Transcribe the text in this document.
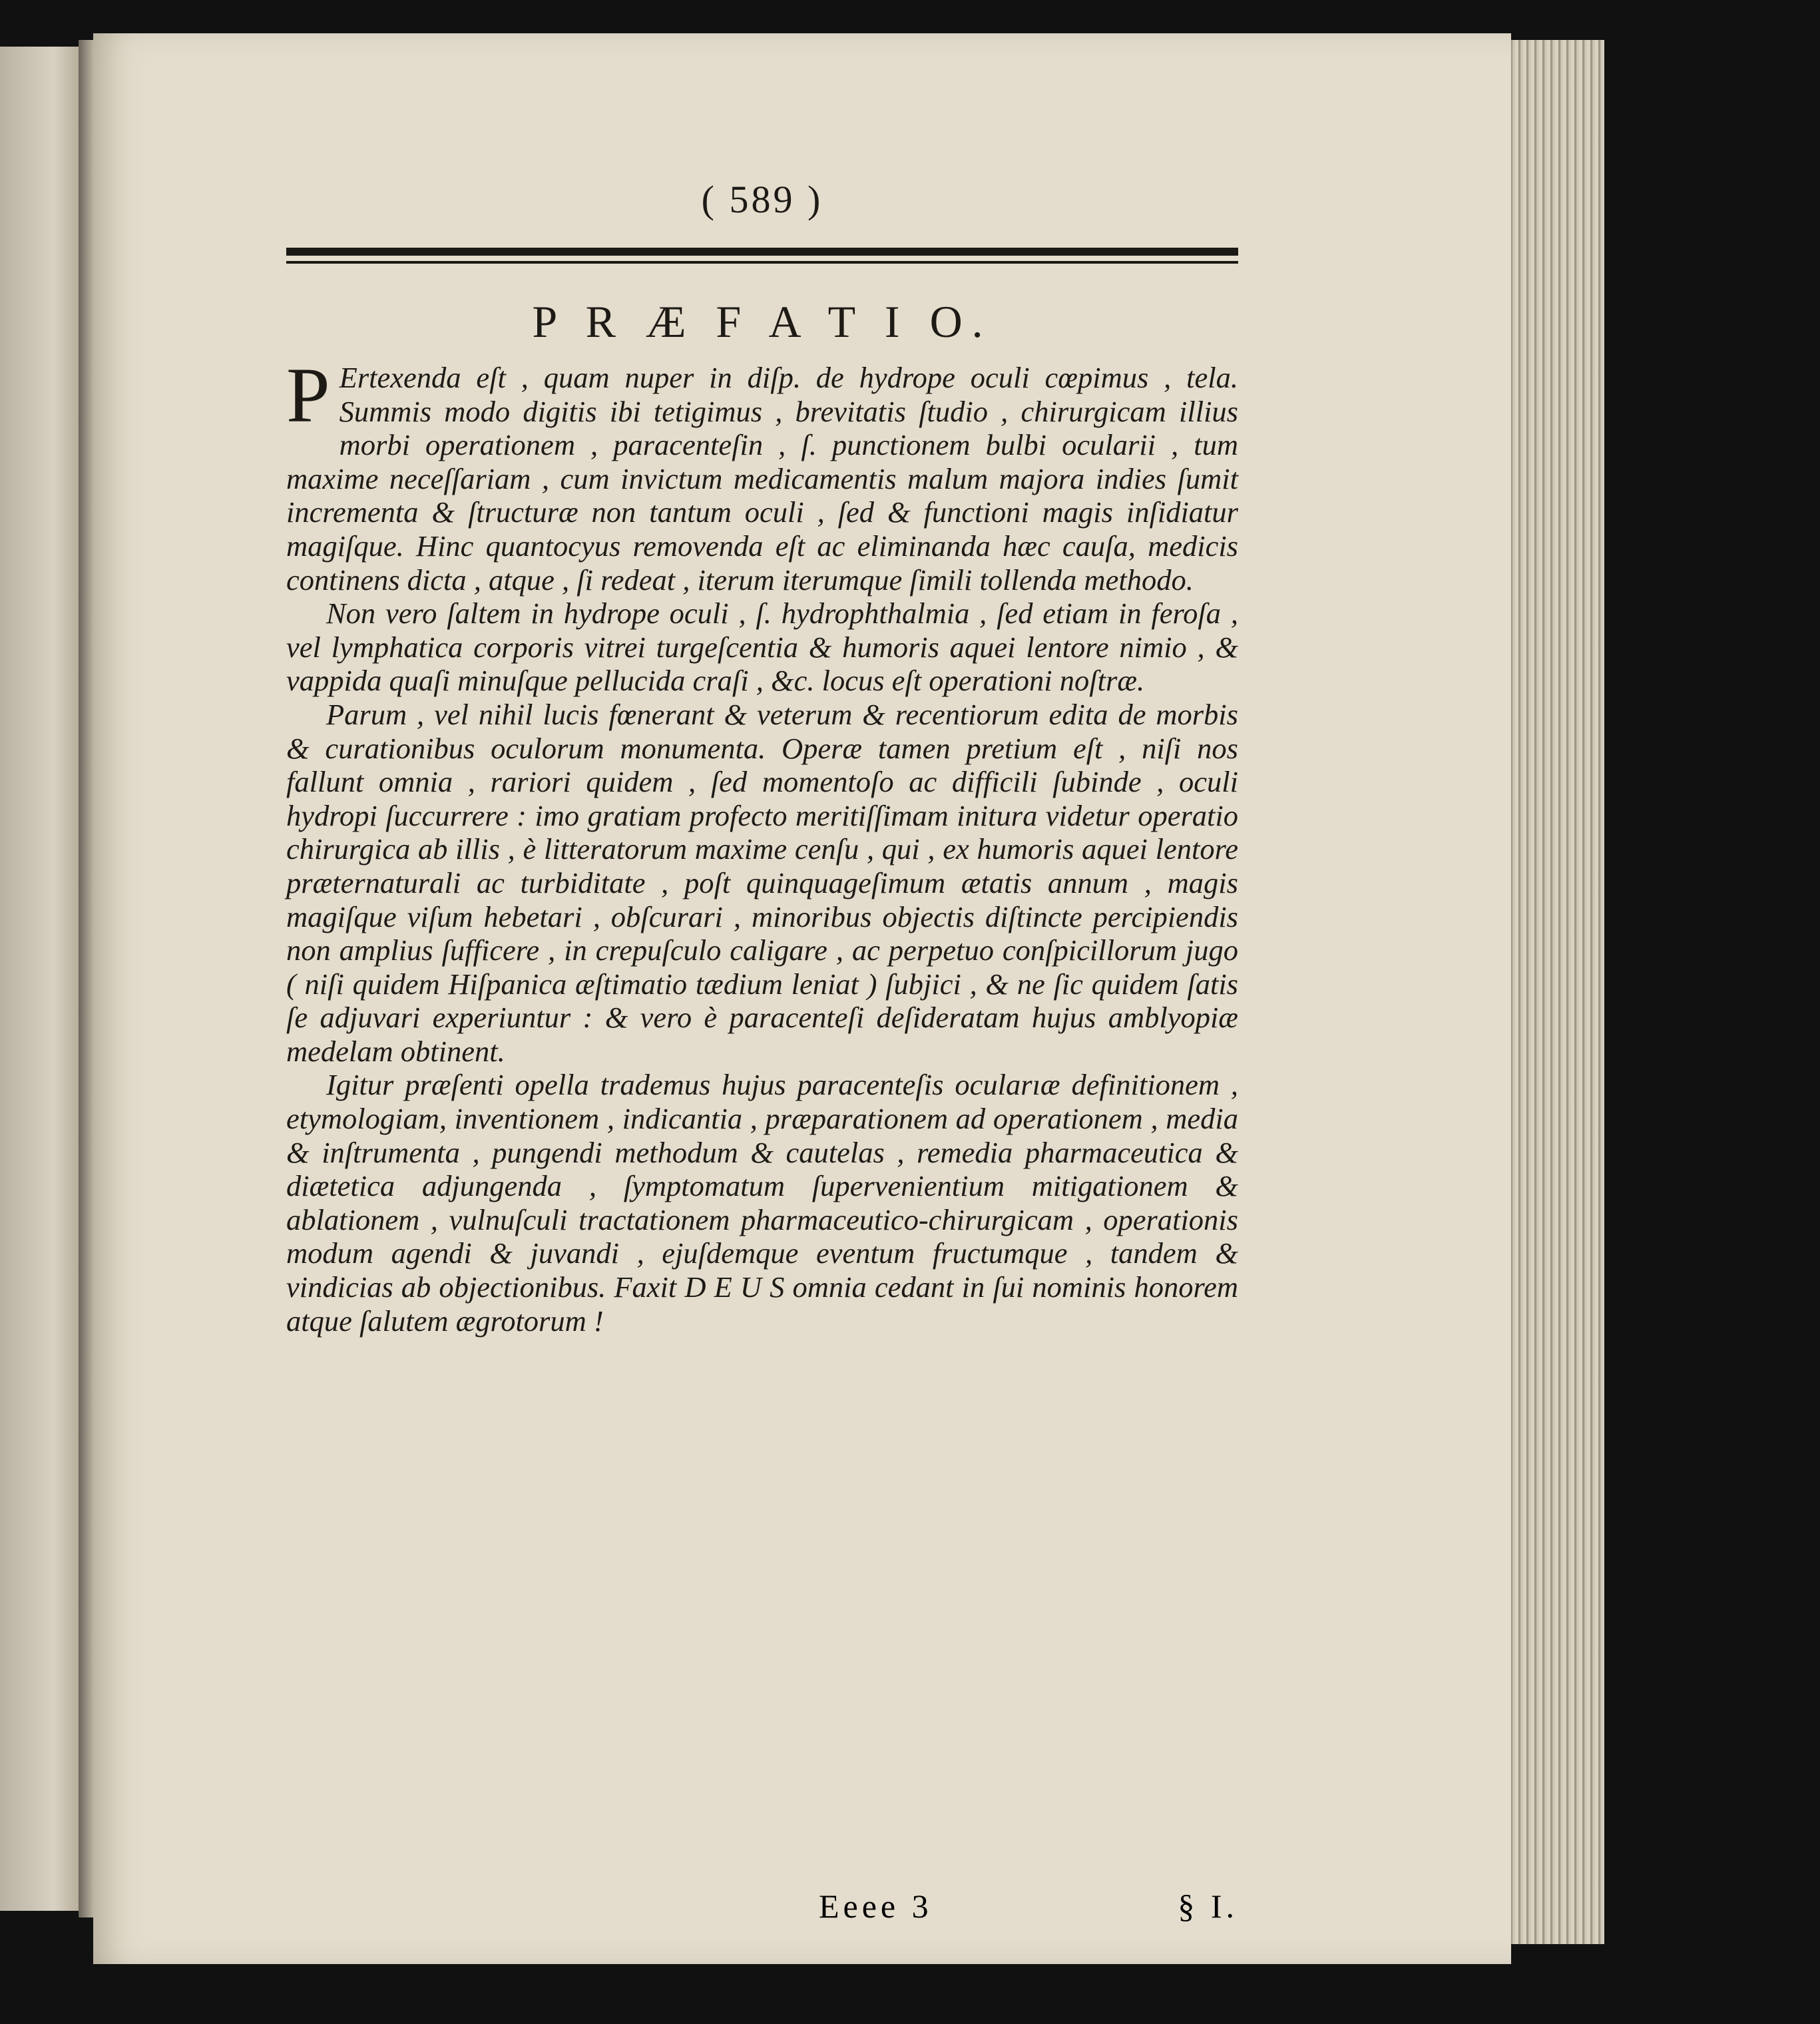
( 589 )
P R Æ F A T I O.

P Ertexenda eſt , quam nuper in diſp. de hydrope oculi cœpimus , tela. Summis modo digitis ibi tetigimus , brevitatis ſtudio , chirurgicam illius morbi operationem , paracenteſin , ſ. punctionem bulbi ocularii , tum maxime neceſſariam , cum invictum medicamentis malum majora indies ſumit incrementa & ſtructuræ non tantum oculi , ſed & functioni magis inſidiatur magiſque. Hinc quantocyus removenda eſt ac eliminanda hæc cauſa, medicis continens dicta , atque , ſi redeat , iterum iterumque ſimili tollenda methodo.

Non vero ſaltem in hydrope oculi , ſ. hydrophthalmia , ſed etiam in feroſa , vel lymphatica corporis vitrei turgeſcentia & humoris aquei lentore nimio , & vappida quaſi minuſque pellucida craſi , &c. locus eſt operationi noſtræ.

Parum , vel nihil lucis fœnerant & veterum & recentiorum edita de morbis & curationibus oculorum monumenta. Operæ tamen pretium eſt , niſi nos fallunt omnia , rariori quidem , ſed momentoſo ac difficili ſubinde , oculi hydropi ſuccurrere : imo gratiam profecto meritiſſimam initura videtur operatio chirurgica ab illis , è litteratorum maxime cenſu , qui , ex humoris aquei lentore præternaturali ac turbiditate , poſt quinquageſimum ætatis annum , magis magiſque viſum hebetari , obſcurari , minoribus objectis diſtincte percipiendis non amplius ſufficere , in crepuſculo caligare , ac perpetuo conſpicillorum jugo ( niſi quidem Hiſpanica æſtimatio tædium leniat ) ſubjici , & ne ſic quidem ſatis ſe adjuvari experiuntur : & vero è paracenteſi deſideratam hujus amblyopiæ medelam obtinent.

Igitur præſenti opella trademus hujus paracenteſis ocularıæ definitionem , etymologiam, inventionem , indicantia , præparationem ad operationem , media & inſtrumenta , pungendi methodum & cautelas , remedia pharmaceutica & diætetica adjungenda , ſymptomatum ſupervenientium mitigationem & ablationem , vulnuſculi tractationem pharmaceutico-chirurgicam , operationis modum agendi & juvandi , ejuſdemque eventum fructumque , tandem & vindicias ab objectionibus. Faxit D E U S omnia cedant in ſui nominis honorem atque ſalutem ægrotorum !

Eeee 3	§ I.
